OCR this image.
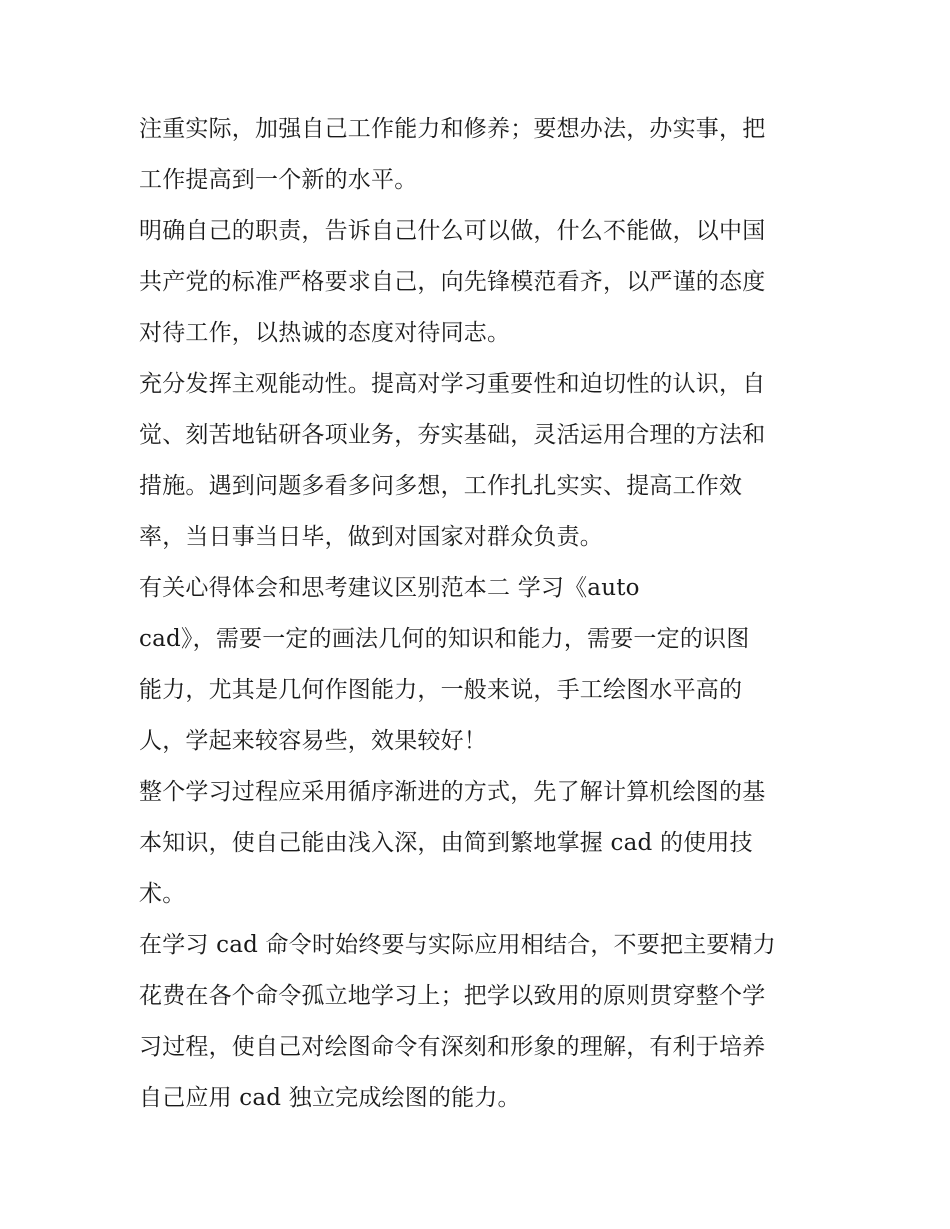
注重实际，加强自己工作能力和修养；要想办法，办实事，把
工作提高到一个新的水平。
明确自己的职责，告诉自己什么可以做，什么不能做，以中国
共产党的标准严格要求自己，向先锋模范看齐，以严谨的态度
对待工作，以热诚的态度对待同志。
充分发挥主观能动性。提高对学习重要性和迫切性的认识，自
觉、刻苦地钻研各项业务，夯实基础，灵活运用合理的方法和
措施。遇到问题多看多问多想，工作扎扎实实、提高工作效
率，当日事当日毕，做到对国家对群众负责。
有关心得体会和思考建议区别范本二 学习《auto
cad》，需要一定的画法几何的知识和能力，需要一定的识图
能力，尤其是几何作图能力，一般来说，手工绘图水平高的
人，学起来较容易些，效果较好！
整个学习过程应采用循序渐进的方式，先了解计算机绘图的基
本知识，使自己能由浅入深，由简到繁地掌握 cad 的使用技
术。
在学习 cad 命令时始终要与实际应用相结合，不要把主要精力
花费在各个命令孤立地学习上；把学以致用的原则贯穿整个学
习过程，使自己对绘图命令有深刻和形象的理解，有利于培养
自己应用 cad 独立完成绘图的能力。
